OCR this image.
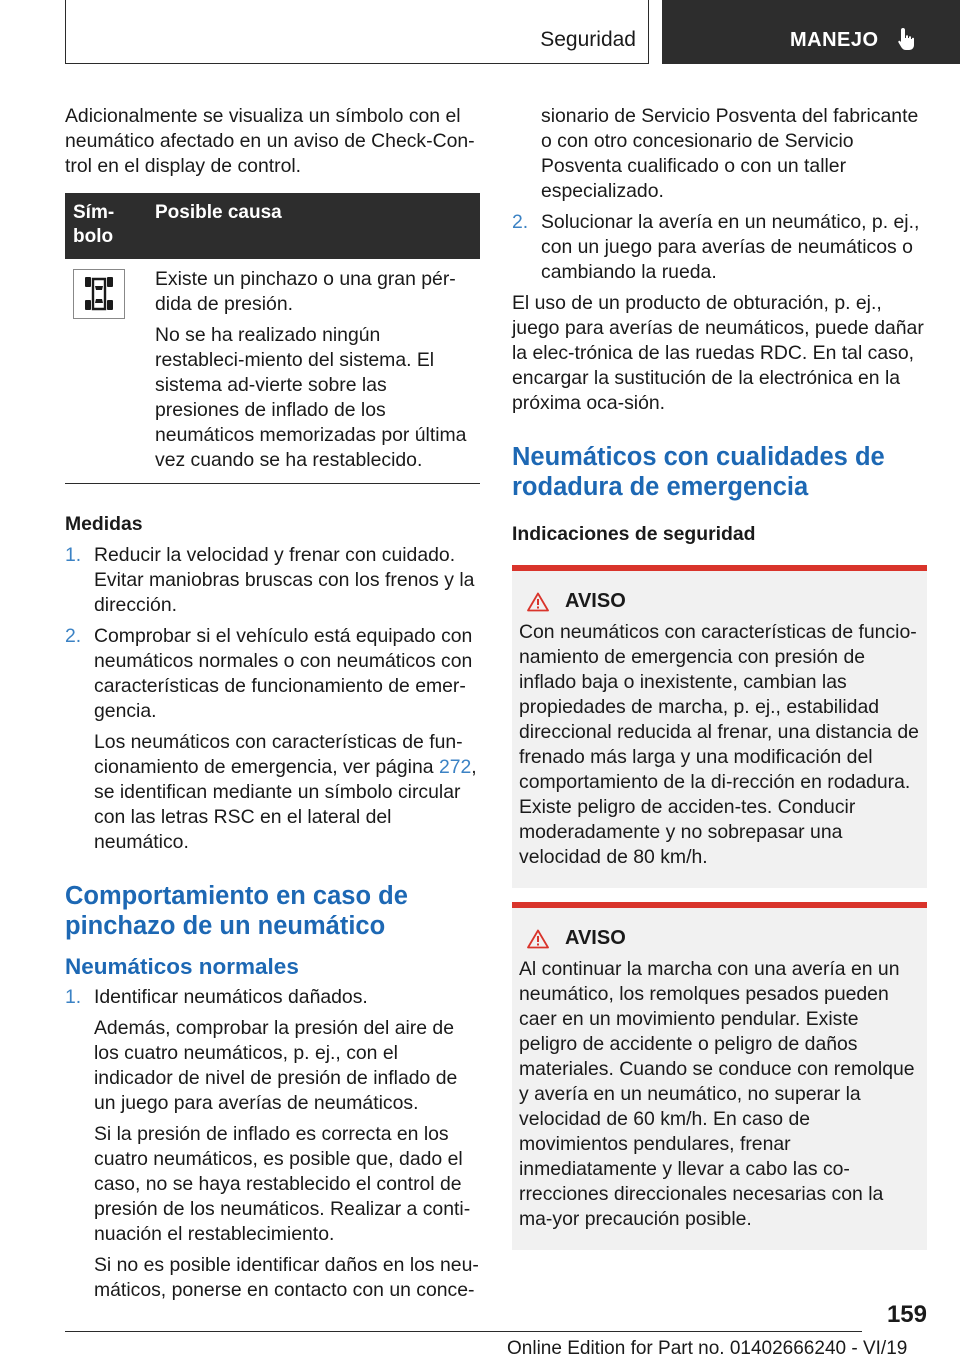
Seguridad	MANEJO

Adicionalmente se visualiza un símbolo con el neumático afectado en un aviso de Check-Con-trol en el display de control.

Sím-bolo	Posible causa

Existe un pinchazo o una gran pér-dida de presión.

No se ha realizado ningún restableci-miento del sistema. El sistema ad-vierte sobre las presiones de inflado de los neumáticos memorizadas por última vez cuando se ha restablecido.

Medidas
1. Reducir la velocidad y frenar con cuidado. Evitar maniobras bruscas con los frenos y la dirección.

2. Comprobar si el vehículo está equipado con neumáticos normales o con neumáticos con características de funcionamiento de emer-gencia.

Los neumáticos con características de fun-cionamiento de emergencia, ver página 272, se identifican mediante un símbolo circular con las letras RSC en el lateral del neumático.

Comportamiento en caso de pinchazo de un neumático
Neumáticos normales
1. Identificar neumáticos dañados.

Además, comprobar la presión del aire de los cuatro neumáticos, p. ej., con el indicador de nivel de presión de inflado de un juego para averías de neumáticos.

Si la presión de inflado es correcta en los cuatro neumáticos, es posible que, dado el caso, no se haya restablecido el control de presión de los neumáticos. Realizar a conti-nuación el restablecimiento.

Si no es posible identificar daños en los neu-máticos, ponerse en contacto con un conce-

sionario de Servicio Posventa del fabricante o con otro concesionario de Servicio Posventa cualificado o con un taller especializado.

2. Solucionar la avería en un neumático, p. ej., con un juego para averías de neumáticos o cambiando la rueda.

El uso de un producto de obturación, p. ej., juego para averías de neumáticos, puede dañar la elec-trónica de las ruedas RDC. En tal caso, encargar la sustitución de la electrónica en la próxima oca-sión.

Neumáticos con cualidades de rodadura de emergencia
Indicaciones de seguridad
AVISO

Con neumáticos con características de funcio-namiento de emergencia con presión de inflado baja o inexistente, cambian las propiedades de marcha, p. ej., estabilidad direccional reducida al frenar, una distancia de frenado más larga y una modificación del comportamiento de la di-rección en rodadura. Existe peligro de acciden-tes. Conducir moderadamente y no sobrepasar una velocidad de 80 km/h.

AVISO

Al continuar la marcha con una avería en un neumático, los remolques pesados pueden caer en un movimiento pendular. Existe peligro de accidente o peligro de daños materiales. Cuando se conduce con remolque y avería en un neumático, no superar la velocidad de 60 km/h. En caso de movimientos pendulares, frenar inmediatamente y llevar a cabo las co-rrecciones direccionales necesarias con la ma-yor precaución posible.

159
Online Edition for Part no. 01402666240 - VI/19
